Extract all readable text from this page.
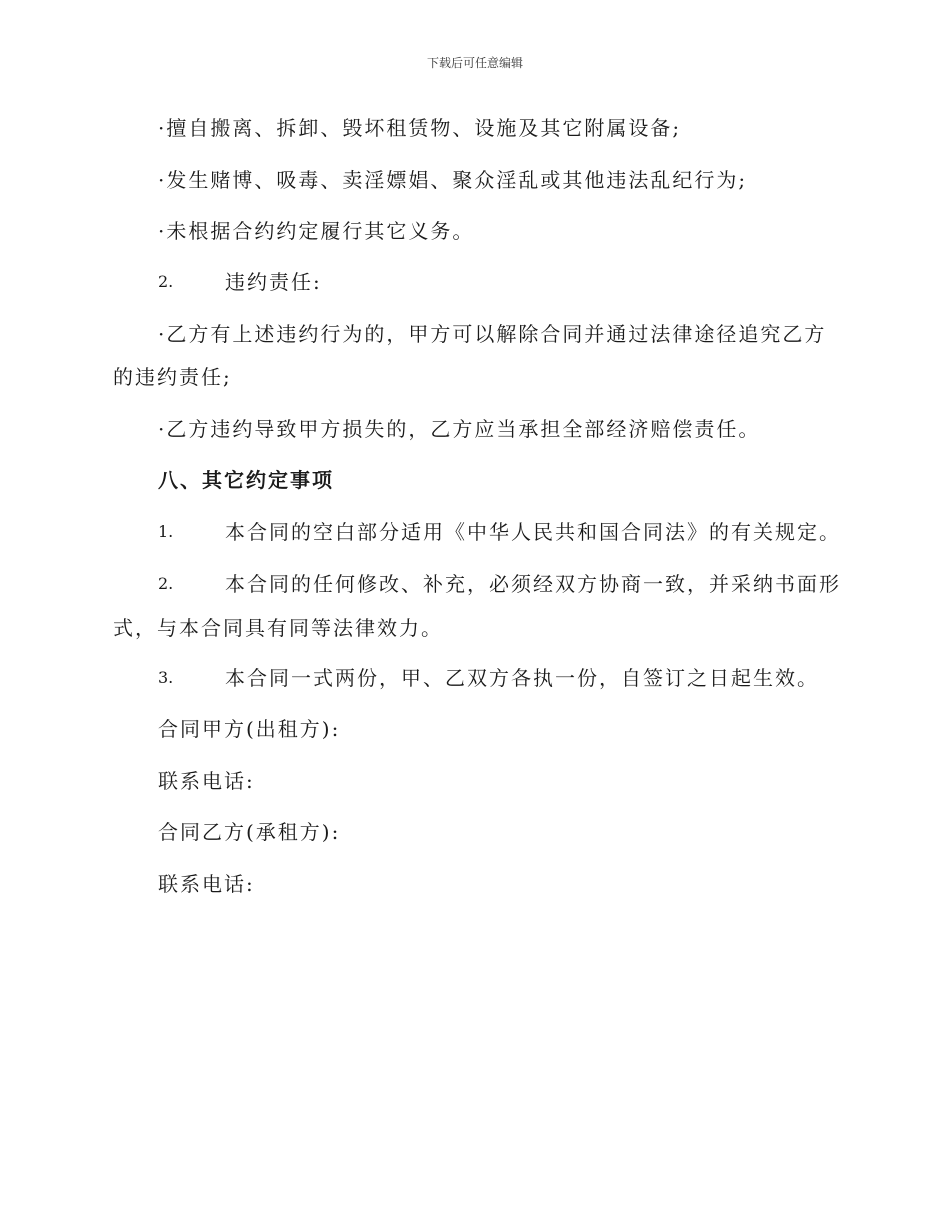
下载后可任意编辑
·擅自搬离、拆卸、毁坏租赁物、设施及其它附属设备;
·发生赌博、吸毒、卖淫嫖娼、聚众淫乱或其他违法乱纪行为;
·未根据合约约定履行其它义务。
2.	违约责任:
·乙方有上述违约行为的，甲方可以解除合同并通过法律途径追究乙方
的违约责任;
·乙方违约导致甲方损失的，乙方应当承担全部经济赔偿责任。
八、其它约定事项
1.	本合同的空白部分适用《中华人民共和国合同法》的有关规定。
2.	本合同的任何修改、补充，必须经双方协商一致，并采纳书面形
式，与本合同具有同等法律效力。
3.	本合同一式两份，甲、乙双方各执一份，自签订之日起生效。
合同甲方(出租方):
联系电话:
合同乙方(承租方):
联系电话:
